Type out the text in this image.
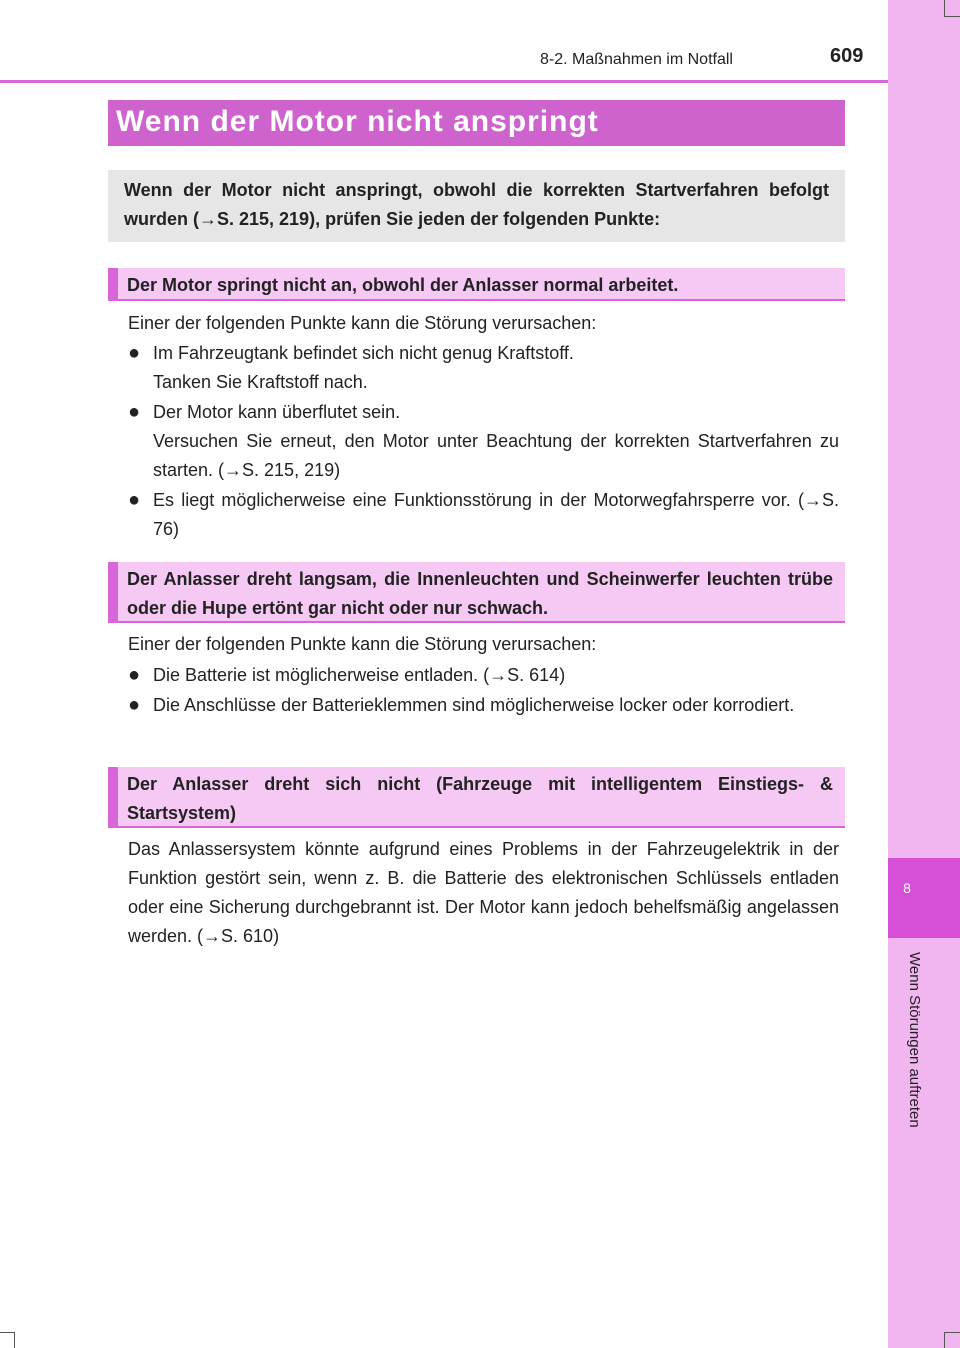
8
Wenn Störungen auftreten
8-2. Maßnahmen im Notfall	609
Wenn der Motor nicht anspringt
Wenn der Motor nicht anspringt, obwohl die korrekten Startverfahren befolgt wurden (→S. 215, 219), prüfen Sie jeden der folgenden Punkte:
Der Motor springt nicht an, obwohl der Anlasser normal arbeitet.
Einer der folgenden Punkte kann die Störung verursachen:
● Im Fahrzeugtank befindet sich nicht genug Kraftstoff.
Tanken Sie Kraftstoff nach.
● Der Motor kann überflutet sein.
Versuchen Sie erneut, den Motor unter Beachtung der korrekten Startverfahren zu starten. (→S. 215, 219)
● Es liegt möglicherweise eine Funktionsstörung in der Motorwegfahrsperre vor. (→S. 76)
Der Anlasser dreht langsam, die Innenleuchten und Scheinwerfer leuchten trübe oder die Hupe ertönt gar nicht oder nur schwach.
Einer der folgenden Punkte kann die Störung verursachen:
● Die Batterie ist möglicherweise entladen. (→S. 614)
● Die Anschlüsse der Batterieklemmen sind möglicherweise locker oder korrodiert.
Der Anlasser dreht sich nicht (Fahrzeuge mit intelligentem Einstiegs- & Startsystem)
Das Anlassersystem könnte aufgrund eines Problems in der Fahrzeugelektrik in der Funktion gestört sein, wenn z. B. die Batterie des elektronischen Schlüssels entladen oder eine Sicherung durchgebrannt ist. Der Motor kann jedoch behelfsmäßig angelassen werden. (→S. 610)
